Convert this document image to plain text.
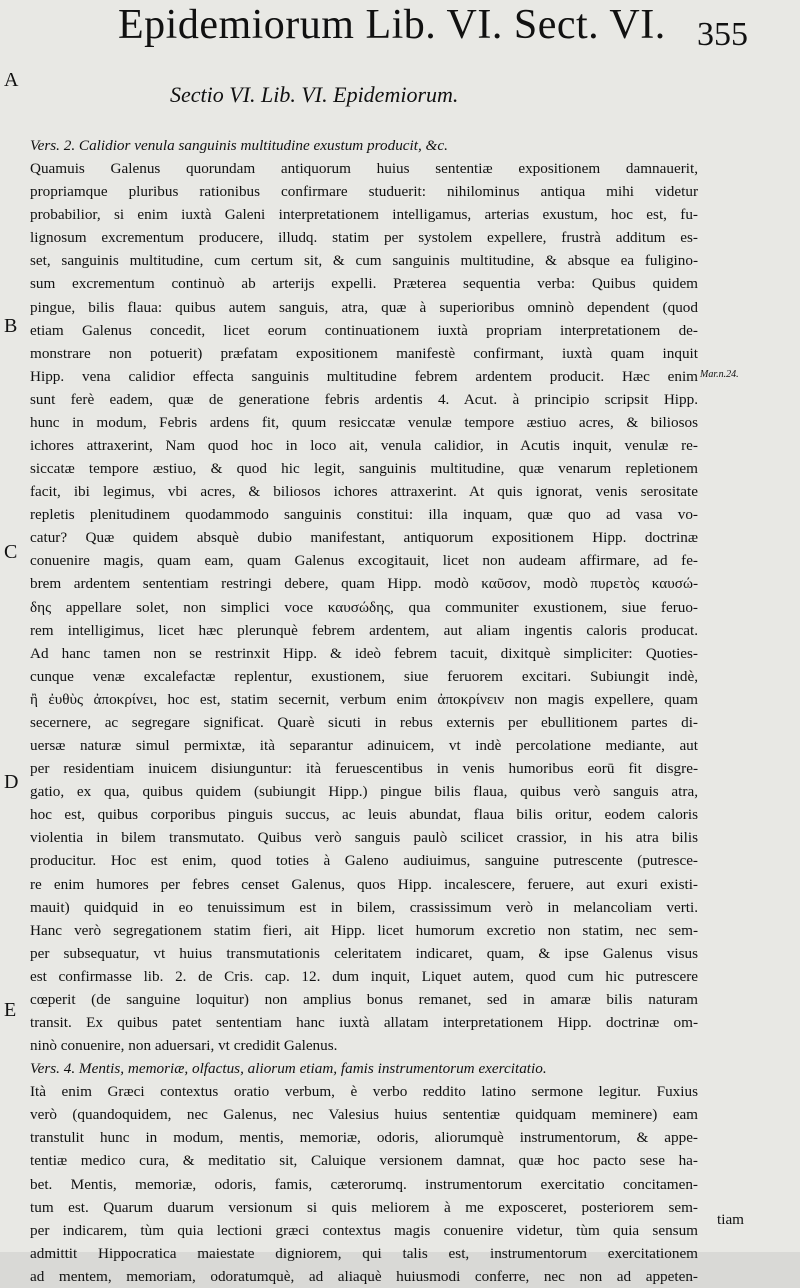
Epidemiorum Lib. VI. Sect. VI. 355
A
B
C
D
E
Sectio VI. Lib. VI. Epidemiorum.
Mar.n.24.
Vers. 2. Calidior venula sanguinis multitudine exustum producit, &c.
Quamuis Galenus quorundam antiquorum huius sententiæ expositionem damnauerit,
propriamque pluribus rationibus confirmare studuerit: nihilominus antiqua mihi videtur
probabilior, si enim iuxtà Galeni interpretationem intelligamus, arterias exustum, hoc est, fu-
lignosum excrementum producere, illudq. statim per systolem expellere, frustrà additum es-
set, sanguinis multitudine, cum certum sit, & cum sanguinis multitudine, & absque ea fuligino-
sum excrementum continuò ab arterijs expelli. Præterea sequentia verba: Quibus quidem
pingue, bilis flaua: quibus autem sanguis, atra, quæ à superioribus omninò dependent (quod
etiam Galenus concedit, licet eorum continuationem iuxtà propriam interpretationem de-
monstrare non potuerit) præfatam expositionem manifestè confirmant, iuxtà quam inquit
Hipp. vena calidior effecta sanguinis multitudine febrem ardentem producit. Hæc enim
sunt ferè eadem, quæ de generatione febris ardentis 4. Acut. à principio scripsit Hipp.
hunc in modum, Febris ardens fit, quum resiccatæ venulæ tempore æstiuo acres, & biliosos
ichores attraxerint, Nam quod hoc in loco ait, venula calidior, in Acutis inquit, venulæ re-
siccatæ tempore æstiuo, & quod hic legit, sanguinis multitudine, quæ venarum repletionem
facit, ibi legimus, vbi acres, & biliosos ichores attraxerint. At quis ignorat, venis serositate
repletis plenitudinem quodammodo sanguinis constitui: illa inquam, quæ quo ad vasa vo-
catur? Quæ quidem absquè dubio manifestant, antiquorum expositionem Hipp. doctrinæ
conuenire magis, quam eam, quam Galenus excogitauit, licet non audeam affirmare, ad fe-
brem ardentem sententiam restringi debere, quam Hipp. modò καῦσον, modò πυρετὸς καυσώ-
δης appellare solet, non simplici voce καυσώδης, qua communiter exustionem, siue feruo-
rem intelligimus, licet hæc plerunquè febrem ardentem, aut aliam ingentis caloris producat.
Ad hanc tamen non se restrinxit Hipp. & ideò febrem tacuit, dixitquè simpliciter: Quoties-
cunque venæ excalefactæ replentur, exustionem, siue feruorem excitari. Subiungit indè,
ἢ ἐυθὺς ἀποκρίνει, hoc est, statim secernit, verbum enim ἀποκρίνειν non magis expellere, quam
secernere, ac segregare significat. Quarè sicuti in rebus externis per ebullitionem partes di-
uersæ naturæ simul permixtæ, ità separantur adinuicem, vt indè percolatione mediante, aut
per residentiam inuicem disiunguntur: ità feruescentibus in venis humoribus eorū fit disgre-
gatio, ex qua, quibus quidem (subiungit Hipp.) pingue bilis flaua, quibus verò sanguis atra,
hoc est, quibus corporibus pinguis succus, ac leuis abundat, flaua bilis oritur, eodem caloris
violentia in bilem transmutato. Quibus verò sanguis paulò scilicet crassior, in his atra bilis
producitur. Hoc est enim, quod toties à Galeno audiuimus, sanguine putrescente (putresce-
re enim humores per febres censet Galenus, quos Hipp. incalescere, feruere, aut exuri existi-
mauit) quidquid in eo tenuissimum est in bilem, crassissimum verò in melancoliam verti.
Hanc verò segregationem statim fieri, ait Hipp. licet humorum excretio non statim, nec sem-
per subsequatur, vt huius transmutationis celeritatem indicaret, quam, & ipse Galenus visus
est confirmasse lib. 2. de Cris. cap. 12. dum inquit, Liquet autem, quod cum hic putrescere
cœperit (de sanguine loquitur) non amplius bonus remanet, sed in amaræ bilis naturam
transit. Ex quibus patet sententiam hanc iuxtà allatam interpretationem Hipp. doctrinæ om-
ninò conuenire, non aduersari, vt credidit Galenus.
Vers. 4. Mentis, memoriæ, olfactus, aliorum etiam, famis instrumentorum exercitatio.
Ità enim Græci contextus oratio verbum, è verbo reddito latino sermone legitur. Fuxius
verò (quandoquidem, nec Galenus, nec Valesius huius sententiæ quidquam meminere) eam
transtulit hunc in modum, mentis, memoriæ, odoris, aliorumquè instrumentorum, & appe-
tentiæ medico cura, & meditatio sit, Caluique versionem damnat, quæ hoc pacto sese ha-
bet. Mentis, memoriæ, odoris, famis, cæterorumq. instrumentorum exercitatio concitamen-
tum est. Quarum duarum versionum si quis meliorem à me exposceret, posteriorem sem-
per indicarem, tùm quia lectioni græci contextus magis conuenire videtur, tùm quia sensum
admittit Hippocratica maiestate digniorem, qui talis est, instrumentorum exercitationem
ad mentem, memoriam, odoratumquè, ad aliaquè huiusmodi conferre, nec non ad appeten-
tiam
